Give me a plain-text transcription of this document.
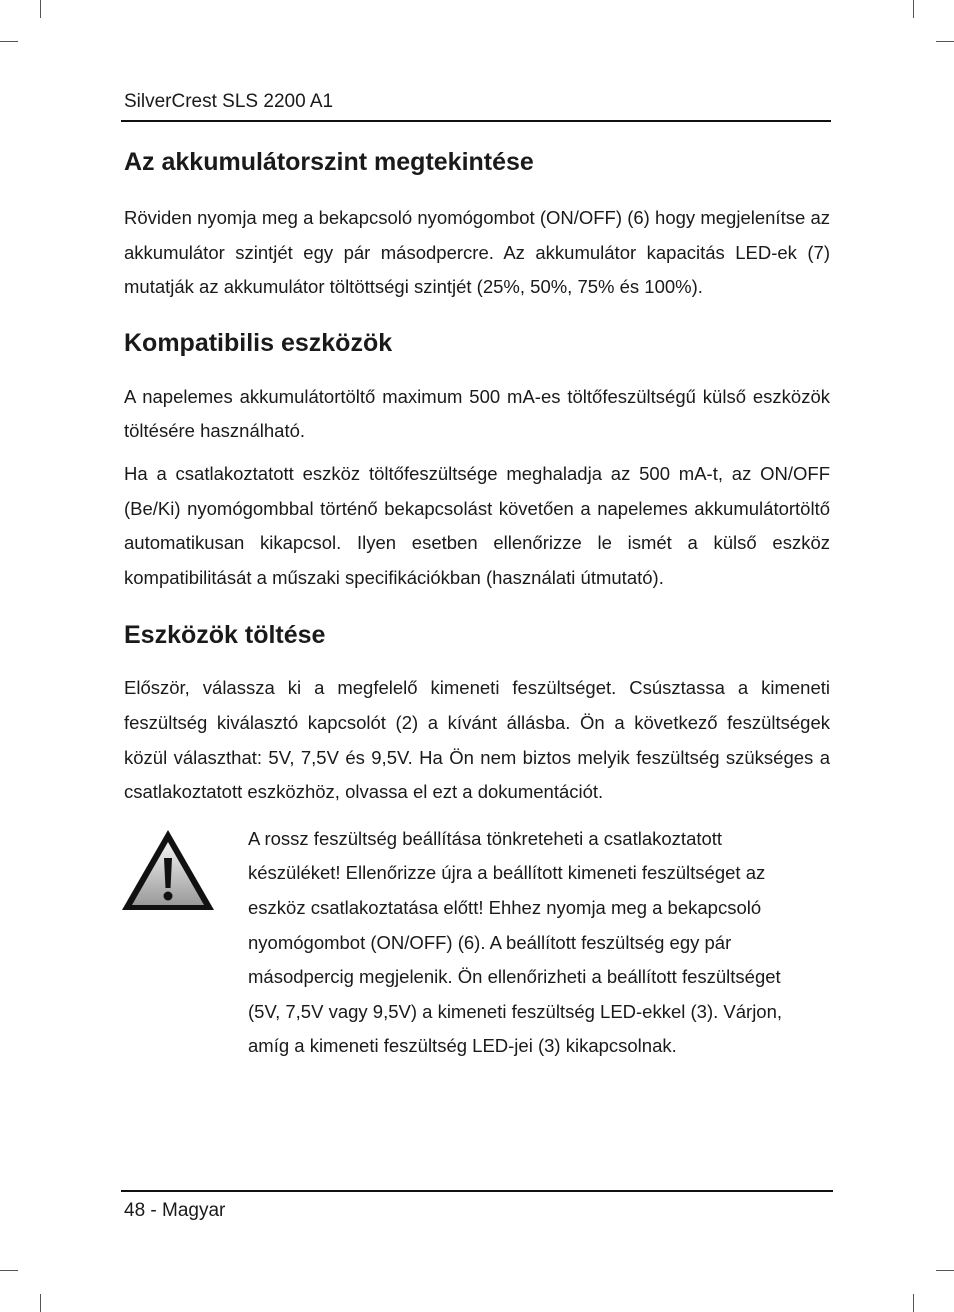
SilverCrest SLS 2200 A1
Az akkumulátorszint megtekintése

Röviden nyomja meg a bekapcsoló nyomógombot (ON/OFF) (6) hogy megjelenítse az akkumulátor szintjét egy pár másodpercre. Az akkumulátor kapacitás LED-ek (7) mutatják az akkumulátor töltöttségi szintjét (25%, 50%, 75% és 100%).

Kompatibilis eszközök

A napelemes akkumulátortöltő maximum 500 mA-es töltőfeszültségű külső eszközök töltésére használható.

Ha a csatlakoztatott eszköz töltőfeszültsége meghaladja az 500 mA-t, az ON/OFF (Be/Ki) nyomógombbal történő bekapcsolást követően a napelemes akkumulátortöltő automatikusan kikapcsol. Ilyen esetben ellenőrizze le ismét a külső eszköz kompatibilitását a műszaki specifikációkban (használati útmutató).

Eszközök töltése

Először, válassza ki a megfelelő kimeneti feszültséget. Csúsztassa a kimeneti feszültség kiválasztó kapcsolót (2) a kívánt állásba. Ön a következő feszültségek közül választhat: 5V, 7,5V és 9,5V. Ha Ön nem biztos melyik feszültség szükséges a csatlakoztatott eszközhöz, olvassa el ezt a dokumentációt.

A rossz feszültség beállítása tönkreteheti a csatlakoztatott
készüléket! Ellenőrizze újra a beállított kimeneti feszültséget az
eszköz csatlakoztatása előtt! Ehhez nyomja meg a bekapcsoló
nyomógombot (ON/OFF) (6). A beállított feszültség egy pár
másodpercig megjelenik. Ön ellenőrizheti a beállított feszültséget
(5V, 7,5V vagy 9,5V) a kimeneti feszültség LED-ekkel (3). Várjon,
amíg a kimeneti feszültség LED-jei (3) kikapcsolnak.

48 - Magyar
